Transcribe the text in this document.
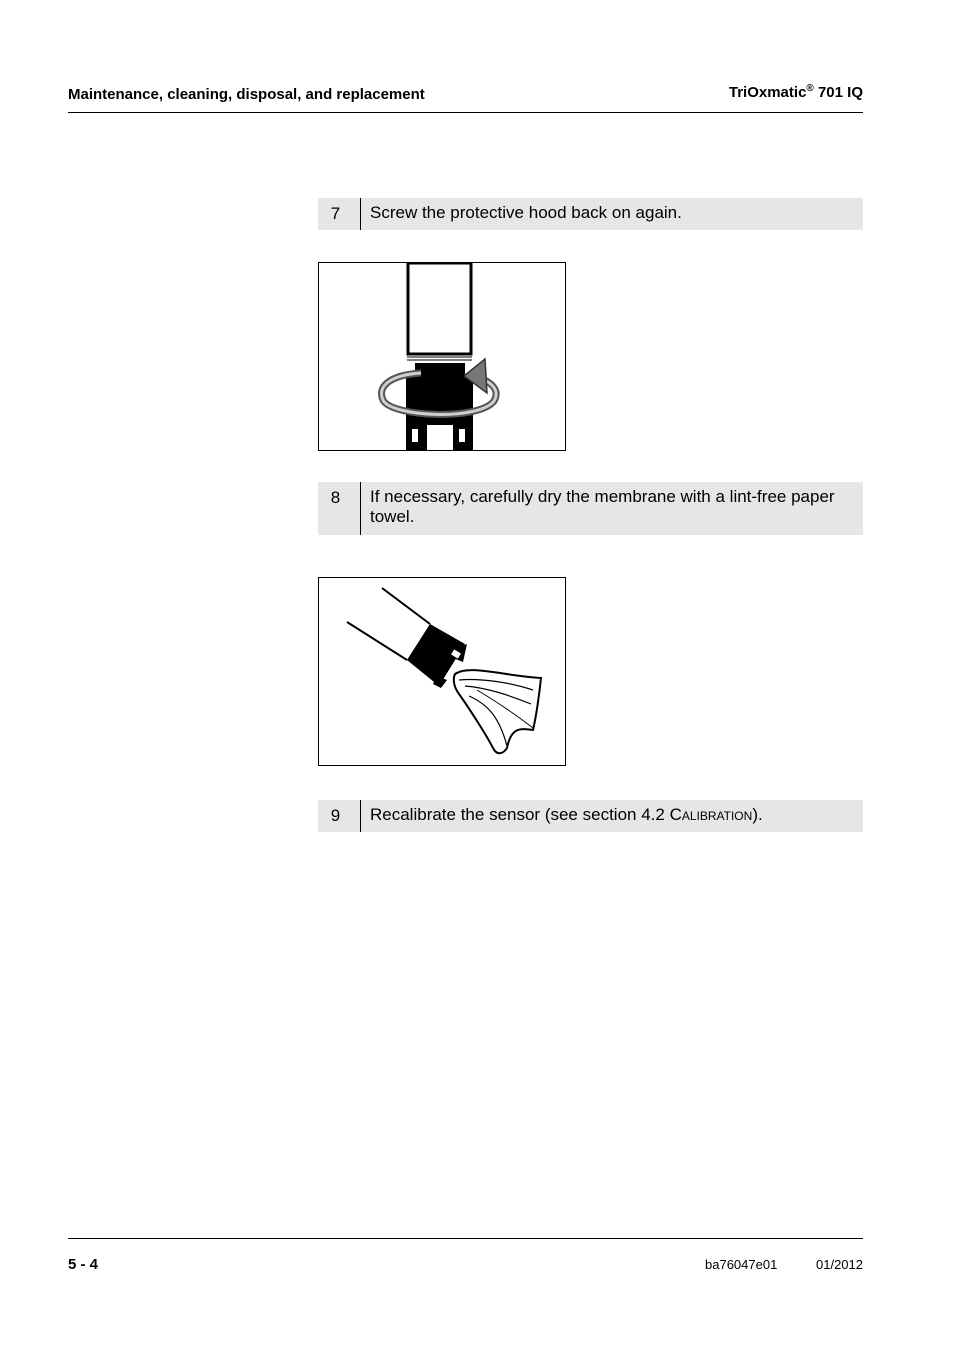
Maintenance, cleaning, disposal, and replacement	TriOxmatic® 701 IQ
7	Screw the protective hood back on again.
8	If necessary, carefully dry the membrane with a lint-free paper towel.
9	Recalibrate the sensor (see section 4.2 Calibration).
5 - 4	ba76047e01	01/2012
